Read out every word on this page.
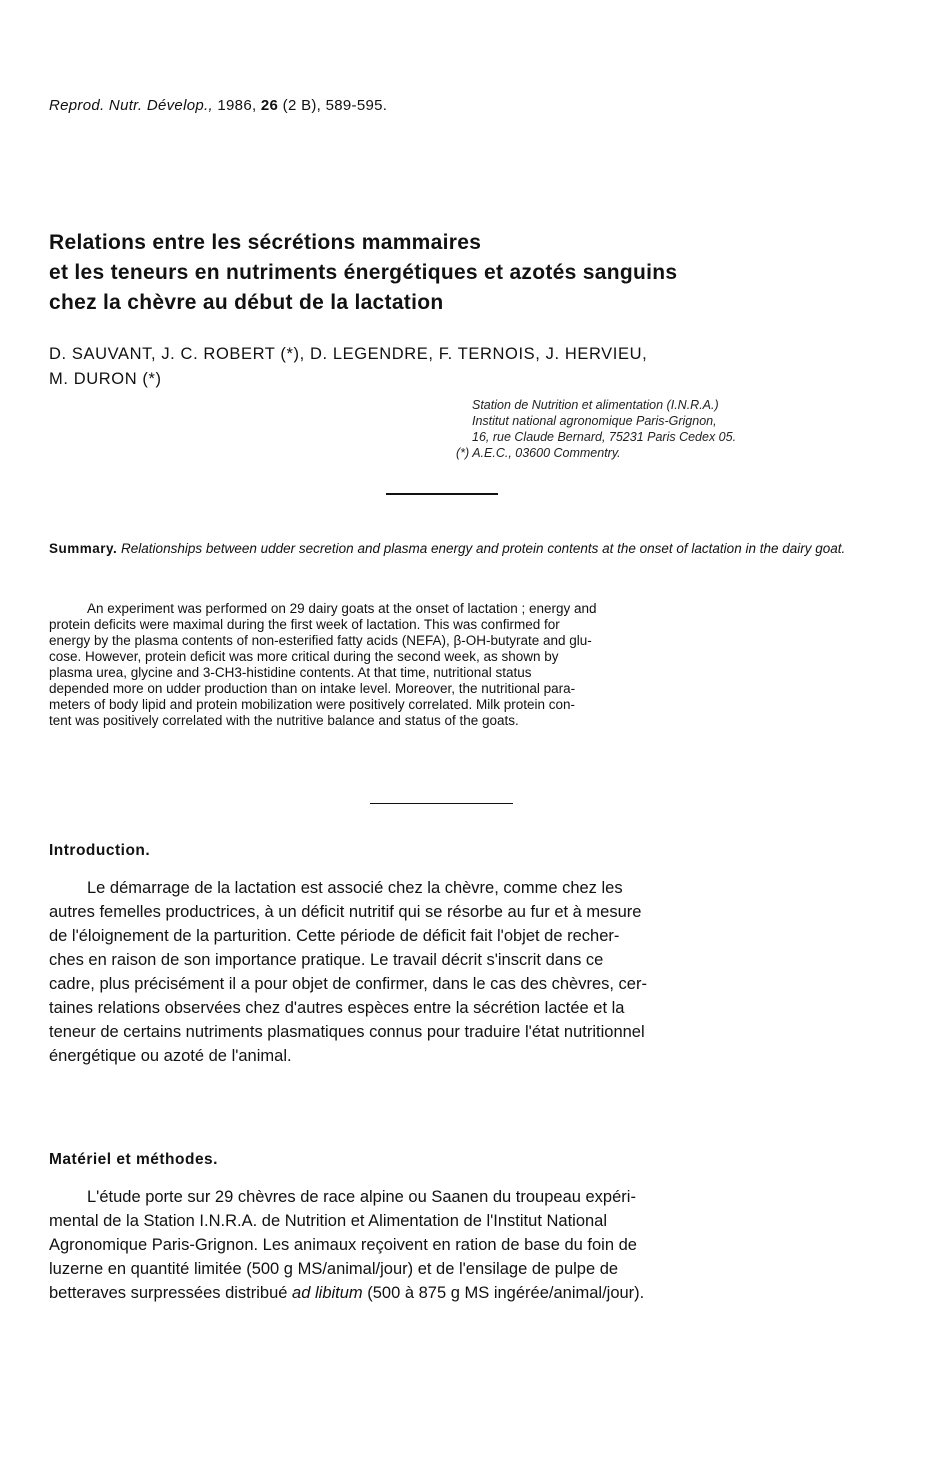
Reprod. Nutr. Dévelop., 1986, 26 (2 B), 589-595.
Relations entre les sécrétions mammaires
et les teneurs en nutriments énergétiques et azotés sanguins
chez la chèvre au début de la lactation
D. SAUVANT, J. C. ROBERT (*), D. LEGENDRE, F. TERNOIS, J. HERVIEU,
M. DURON (*)
Station de Nutrition et alimentation (I.N.R.A.)
Institut national agronomique Paris-Grignon,
16, rue Claude Bernard, 75231 Paris Cedex 05.
(*) A.E.C., 03600 Commentry.
Summary. Relationships between udder secretion and plasma energy and protein contents at the onset of lactation in the dairy goat.
An experiment was performed on 29 dairy goats at the onset of lactation ; energy and
protein deficits were maximal during the first week of lactation. This was confirmed for
energy by the plasma contents of non-esterified fatty acids (NEFA), β-OH-butyrate and glu-
cose. However, protein deficit was more critical during the second week, as shown by
plasma urea, glycine and 3-CH3-histidine contents. At that time, nutritional status
depended more on udder production than on intake level. Moreover, the nutritional para-
meters of body lipid and protein mobilization were positively correlated. Milk protein con-
tent was positively correlated with the nutritive balance and status of the goats.
Introduction.
Le démarrage de la lactation est associé chez la chèvre, comme chez les
autres femelles productrices, à un déficit nutritif qui se résorbe au fur et à mesure
de l'éloignement de la parturition. Cette période de déficit fait l'objet de recher-
ches en raison de son importance pratique. Le travail décrit s'inscrit dans ce
cadre, plus précisément il a pour objet de confirmer, dans le cas des chèvres, cer-
taines relations observées chez d'autres espèces entre la sécrétion lactée et la
teneur de certains nutriments plasmatiques connus pour traduire l'état nutritionnel
énergétique ou azoté de l'animal.
Matériel et méthodes.
L'étude porte sur 29 chèvres de race alpine ou Saanen du troupeau expéri-
mental de la Station I.N.R.A. de Nutrition et Alimentation de l'Institut National
Agronomique Paris-Grignon. Les animaux reçoivent en ration de base du foin de
luzerne en quantité limitée (500 g MS/animal/jour) et de l'ensilage de pulpe de
betteraves surpressées distribué ad libitum (500 à 875 g MS ingérée/animal/jour).
